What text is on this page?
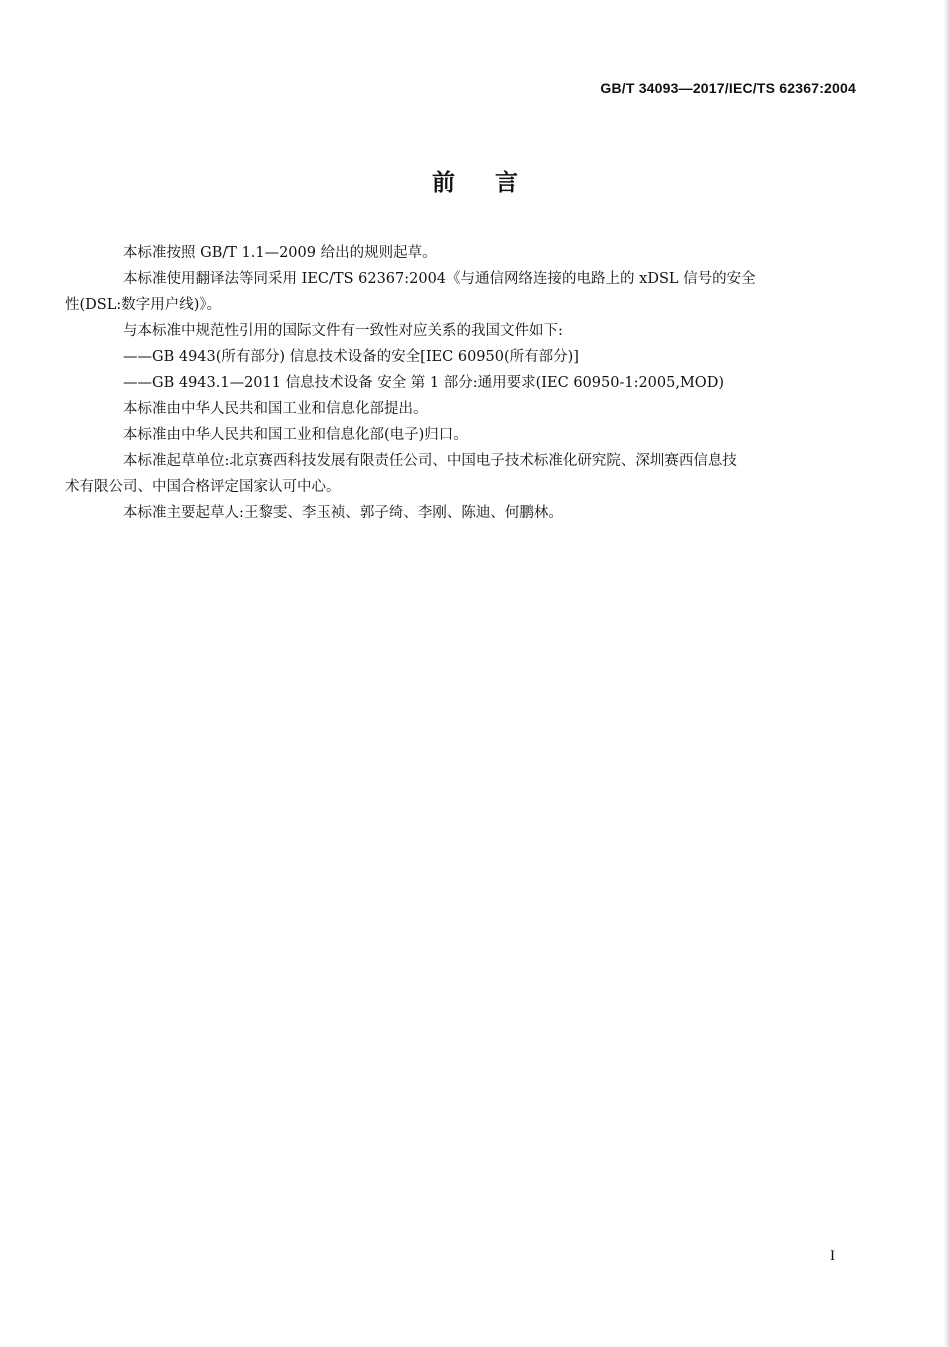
GB/T 34093—2017/IEC/TS 62367:2004
前言

本标准按照 GB/T 1.1—2009 给出的规则起草。

本标准使用翻译法等同采用 IEC/TS 62367:2004《与通信网络连接的电路上的 xDSL 信号的安全
性(DSL:数字用户线)》。

与本标准中规范性引用的国际文件有一致性对应关系的我国文件如下:

——GB 4943(所有部分) 信息技术设备的安全[IEC 60950(所有部分)]

——GB 4943.1—2011 信息技术设备 安全 第 1 部分:通用要求(IEC 60950-1:2005,MOD)

本标准由中华人民共和国工业和信息化部提出。

本标准由中华人民共和国工业和信息化部(电子)归口。

本标准起草单位:北京赛西科技发展有限责任公司、中国电子技术标准化研究院、深圳赛西信息技
术有限公司、中国合格评定国家认可中心。

本标准主要起草人:王黎雯、李玉祯、郭子绮、李刚、陈迪、何鹏林。

I
